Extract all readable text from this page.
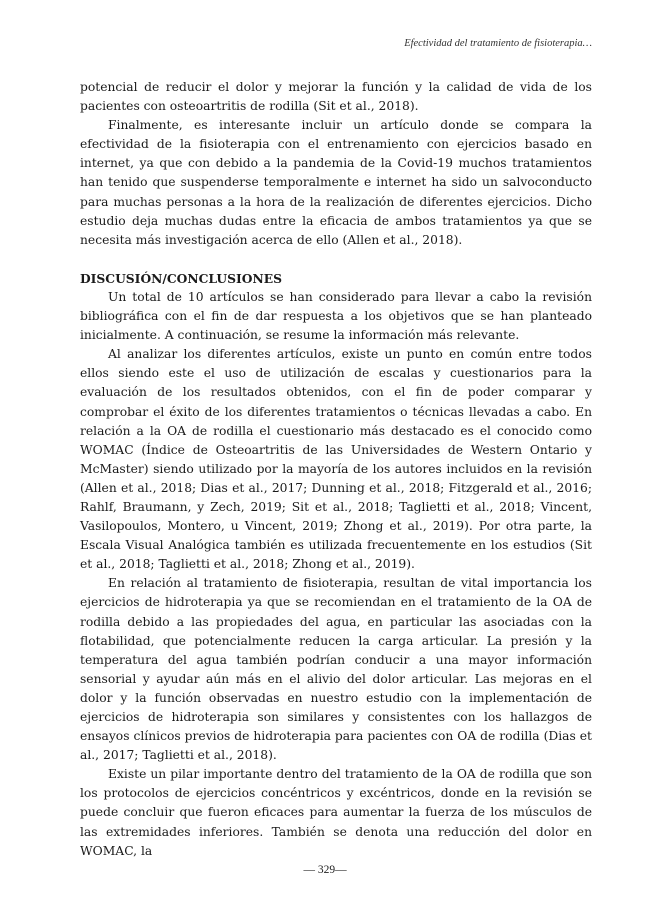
Efectividad del tratamiento de fisioterapia…

potencial de reducir el dolor y mejorar la función y la calidad de vida de los pacientes con osteoartritis de rodilla (Sit et al., 2018).

Finalmente, es interesante incluir un artículo donde se compara la efectividad de la fisioterapia con el entrenamiento con ejercicios basado en internet, ya que con debido a la pandemia de la Covid-19 muchos tratamientos han tenido que suspenderse temporalmente e internet ha sido un salvoconducto para muchas personas a la hora de la realización de diferentes ejercicios. Dicho estudio deja muchas dudas entre la eficacia de ambos tratamientos ya que se necesita más investigación acerca de ello (Allen et al., 2018).

DISCUSIÓN/CONCLUSIONES

Un total de 10 artículos se han considerado para llevar a cabo la revisión bibliográfica con el fin de dar respuesta a los objetivos que se han planteado inicialmente. A continuación, se resume la información más relevante.

Al analizar los diferentes artículos, existe un punto en común entre todos ellos siendo este el uso de utilización de escalas y cuestionarios para la evaluación de los resultados obtenidos, con el fin de poder comparar y comprobar el éxito de los diferentes tratamientos o técnicas llevadas a cabo. En relación a la OA de rodilla el cuestionario más destacado es el conocido como WOMAC (Índice de Osteoartritis de las Universidades de Western Ontario y McMaster) siendo utilizado por la mayoría de los autores incluidos en la revisión (Allen et al., 2018; Dias et al., 2017; Dunning et al., 2018; Fitzgerald et al., 2016; Rahlf, Braumann, y Zech, 2019; Sit et al., 2018; Taglietti et al., 2018; Vincent, Vasilopoulos, Montero, u Vincent, 2019; Zhong et al., 2019). Por otra parte, la Escala Visual Analógica también es utilizada frecuentemente en los estudios (Sit et al., 2018; Taglietti et al., 2018; Zhong et al., 2019).

En relación al tratamiento de fisioterapia, resultan de vital importancia los ejercicios de hidroterapia ya que se recomiendan en el tratamiento de la OA de rodilla debido a las propiedades del agua, en particular las asociadas con la flotabilidad, que potencialmente reducen la carga articular. La presión y la temperatura del agua también podrían conducir a una mayor información sensorial y ayudar aún más en el alivio del dolor articular. Las mejoras en el dolor y la función observadas en nuestro estudio con la implementación de ejercicios de hidroterapia son similares y consistentes con los hallazgos de ensayos clínicos previos de hidroterapia para pacientes con OA de rodilla (Dias et al., 2017; Taglietti et al., 2018).

Existe un pilar importante dentro del tratamiento de la OA de rodilla que son los protocolos de ejercicios concéntricos y excéntricos, donde en la revisión se puede concluir que fueron eficaces para aumentar la fuerza de los músculos de las extremidades inferiores. También se denota una reducción del dolor en WOMAC, la

— 329—
